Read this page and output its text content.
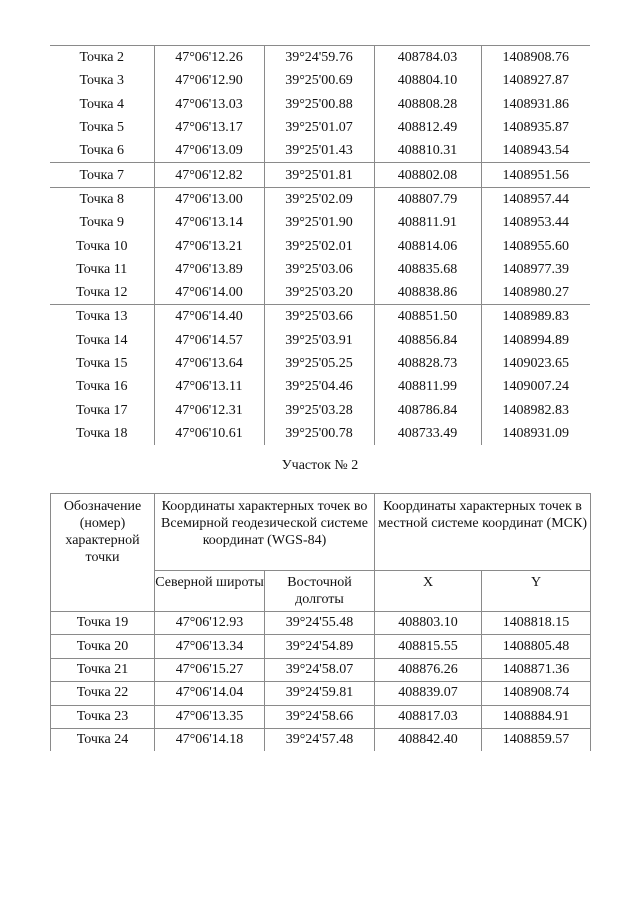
Точка 2	47°06'12.26	39°24'59.76	408784.03	1408908.76
Точка 3	47°06'12.90	39°25'00.69	408804.10	1408927.87
Точка 4	47°06'13.03	39°25'00.88	408808.28	1408931.86
Точка 5	47°06'13.17	39°25'01.07	408812.49	1408935.87
Точка 6	47°06'13.09	39°25'01.43	408810.31	1408943.54
Точка 7	47°06'12.82	39°25'01.81	408802.08	1408951.56
Точка 8	47°06'13.00	39°25'02.09	408807.79	1408957.44
Точка 9	47°06'13.14	39°25'01.90	408811.91	1408953.44
Точка 10	47°06'13.21	39°25'02.01	408814.06	1408955.60
Точка 11	47°06'13.89	39°25'03.06	408835.68	1408977.39
Точка 12	47°06'14.00	39°25'03.20	408838.86	1408980.27
Точка 13	47°06'14.40	39°25'03.66	408851.50	1408989.83
Точка 14	47°06'14.57	39°25'03.91	408856.84	1408994.89
Точка 15	47°06'13.64	39°25'05.25	408828.73	1409023.65
Точка 16	47°06'13.11	39°25'04.46	408811.99	1409007.24
Точка 17	47°06'12.31	39°25'03.28	408786.84	1408982.83
Точка 18	47°06'10.61	39°25'00.78	408733.49	1408931.09
Участок № 2
Обозначение (номер) характерной точки	Координаты характерных точек во Всемирной геодезической системе координат (WGS-84)		Координаты характерных точек в местной системе координат (МСК)	
	Северной широты	Восточной долготы	X	Y
Точка 19	47°06'12.93	39°24'55.48	408803.10	1408818.15
Точка 20	47°06'13.34	39°24'54.89	408815.55	1408805.48
Точка 21	47°06'15.27	39°24'58.07	408876.26	1408871.36
Точка 22	47°06'14.04	39°24'59.81	408839.07	1408908.74
Точка 23	47°06'13.35	39°24'58.66	408817.03	1408884.91
Точка 24	47°06'14.18	39°24'57.48	408842.40	1408859.57
